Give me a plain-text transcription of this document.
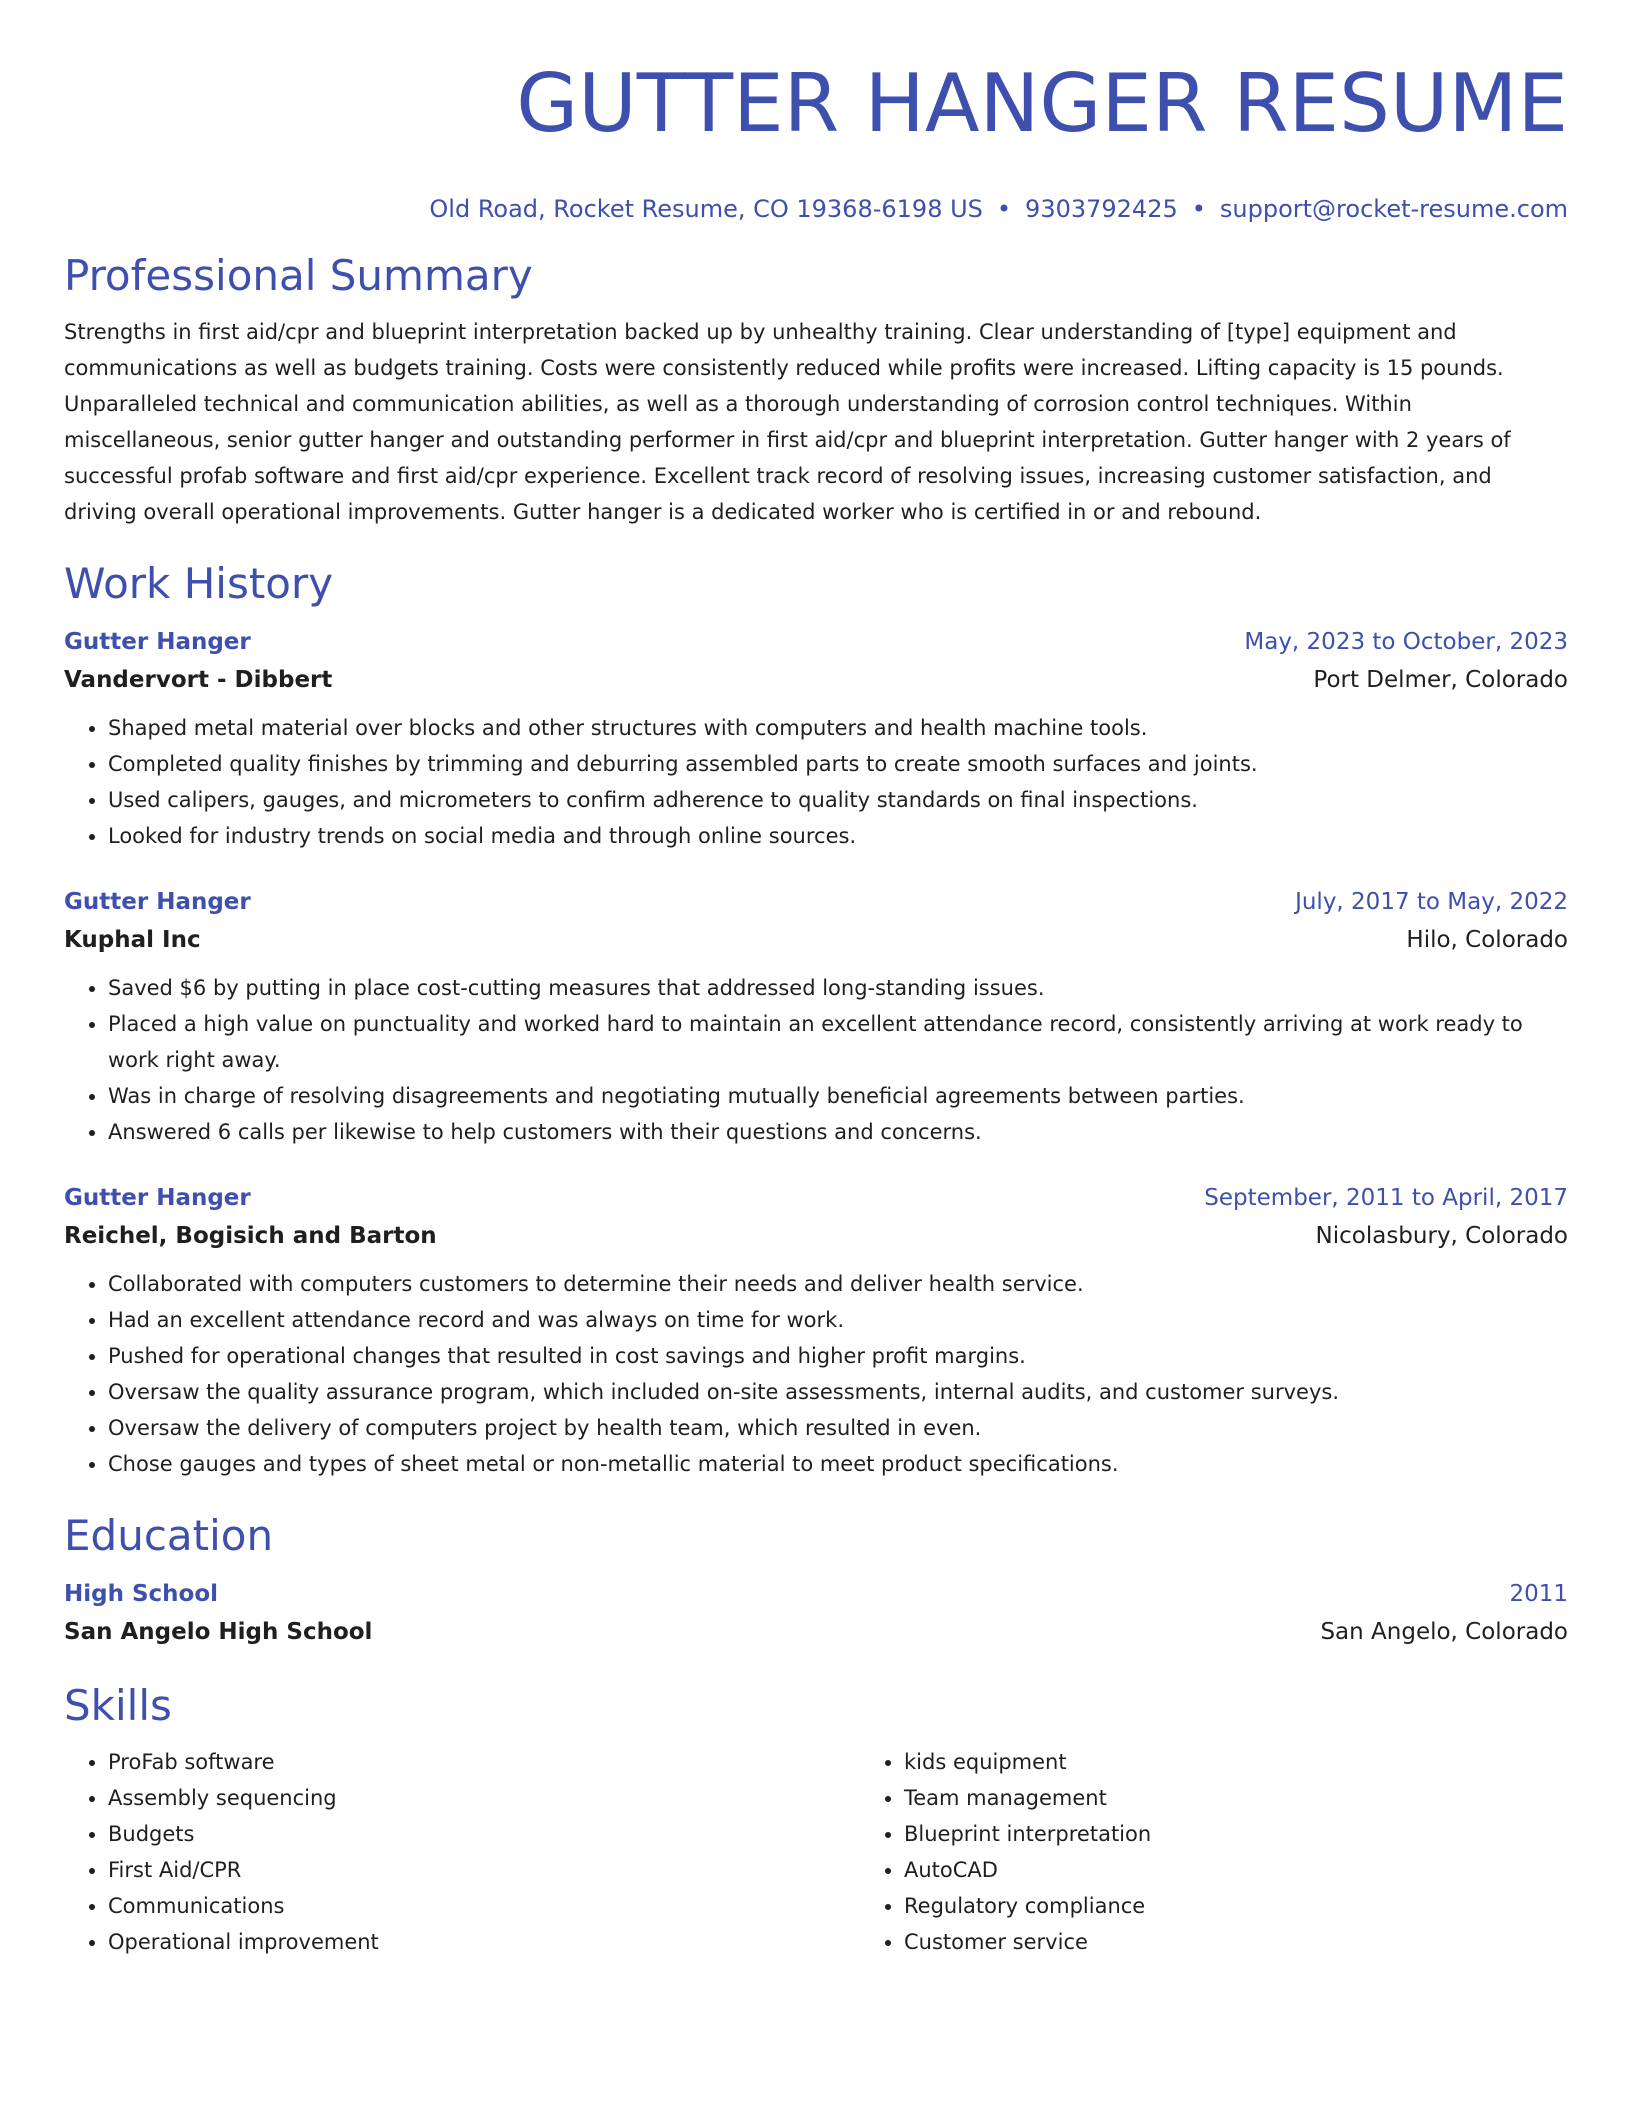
GUTTER HANGER RESUME
Old Road, Rocket Resume, CO 19368-6198 US • 9303792425 • support@rocket-resume.com
Professional Summary
Strengths in first aid/cpr and blueprint interpretation backed up by unhealthy training. Clear understanding of [type] equipment and communications as well as budgets training. Costs were consistently reduced while profits were increased. Lifting capacity is 15 pounds. Unparalleled technical and communication abilities, as well as a thorough understanding of corrosion control techniques. Within miscellaneous, senior gutter hanger and outstanding performer in first aid/cpr and blueprint interpretation. Gutter hanger with 2 years of successful profab software and first aid/cpr experience. Excellent track record of resolving issues, increasing customer satisfaction, and driving overall operational improvements. Gutter hanger is a dedicated worker who is certified in or and rebound.
Work History
Gutter Hanger	May, 2023 to October, 2023
Vandervort - Dibbert	Port Delmer, Colorado
• Shaped metal material over blocks and other structures with computers and health machine tools.
• Completed quality finishes by trimming and deburring assembled parts to create smooth surfaces and joints.
• Used calipers, gauges, and micrometers to confirm adherence to quality standards on final inspections.
• Looked for industry trends on social media and through online sources.
Gutter Hanger	July, 2017 to May, 2022
Kuphal Inc	Hilo, Colorado
• Saved $6 by putting in place cost-cutting measures that addressed long-standing issues.
• Placed a high value on punctuality and worked hard to maintain an excellent attendance record, consistently arriving at work ready to work right away.
• Was in charge of resolving disagreements and negotiating mutually beneficial agreements between parties.
• Answered 6 calls per likewise to help customers with their questions and concerns.
Gutter Hanger	September, 2011 to April, 2017
Reichel, Bogisich and Barton	Nicolasbury, Colorado
• Collaborated with computers customers to determine their needs and deliver health service.
• Had an excellent attendance record and was always on time for work.
• Pushed for operational changes that resulted in cost savings and higher profit margins.
• Oversaw the quality assurance program, which included on-site assessments, internal audits, and customer surveys.
• Oversaw the delivery of computers project by health team, which resulted in even.
• Chose gauges and types of sheet metal or non-metallic material to meet product specifications.
Education
High School	2011
San Angelo High School	San Angelo, Colorado
Skills
• ProFab software
• Assembly sequencing
• Budgets
• First Aid/CPR
• Communications
• Operational improvement
• kids equipment
• Team management
• Blueprint interpretation
• AutoCAD
• Regulatory compliance
• Customer service
